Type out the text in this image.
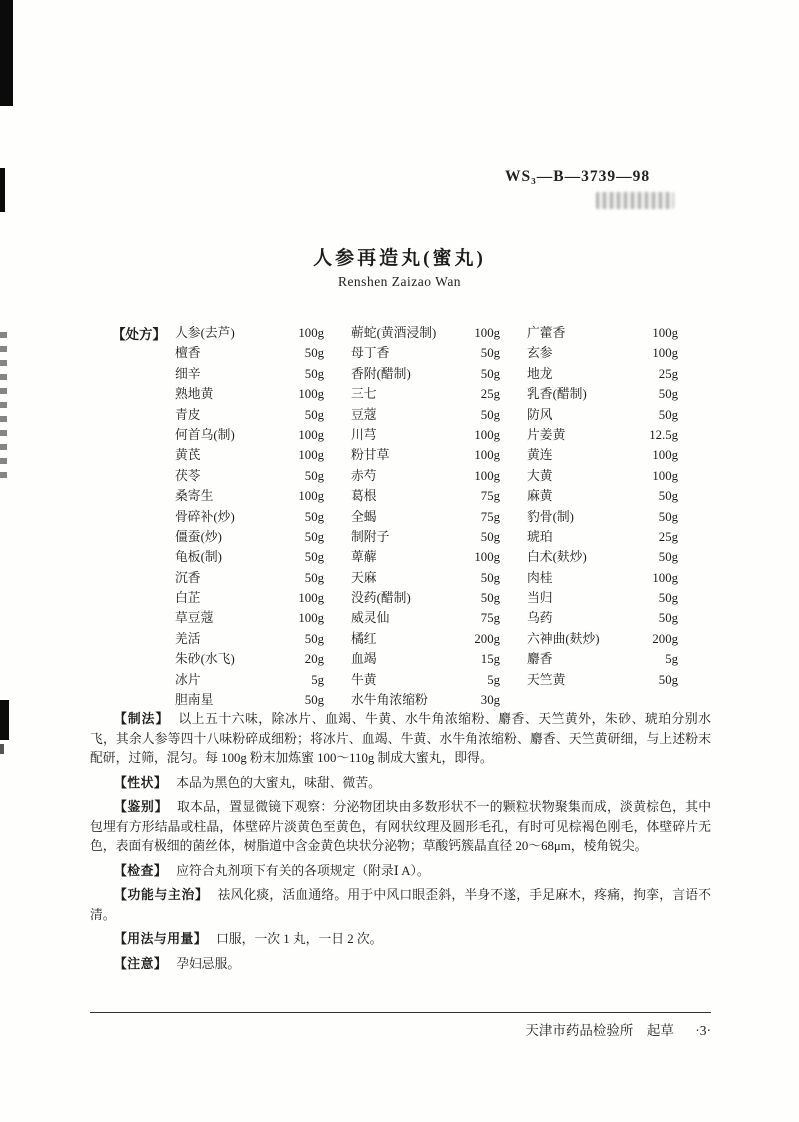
WS₃—B—3739—98
人参再造丸(蜜丸)
Renshen Zaizao Wan
【处方】 人参(去芦)	100g 蕲蛇(黄酒浸制)	100g 广藿香	100g
檀香	50g 母丁香	50g 玄参	100g
细辛	50g 香附(醋制)	50g 地龙	25g
熟地黄	100g 三七	25g 乳香(醋制)	50g
青皮	50g 豆蔻	50g 防风	50g
何首乌(制)	100g 川芎	100g 片姜黄	12.5g
黄芪	100g 粉甘草	100g 黄连	100g
茯苓	50g 赤芍	100g 大黄	100g
桑寄生	100g 葛根	75g 麻黄	50g
骨碎补(炒)	50g 全蝎	75g 豹骨(制)	50g
僵蚕(炒)	50g 制附子	50g 琥珀	25g
龟板(制)	50g 萆薢	100g 白术(麸炒)	50g
沉香	50g 天麻	50g 肉桂	100g
白芷	100g 没药(醋制)	50g 当归	50g
草豆蔻	100g 威灵仙	75g 乌药	50g
羌活	50g 橘红	200g 六神曲(麸炒)	200g
朱砂(水飞)	20g 血竭	15g 麝香	5g
冰片	5g 牛黄	5g 天竺黄	50g
胆南星	50g 水牛角浓缩粉	30g

【制法】 以上五十六味，除冰片、血竭、牛黄、水牛角浓缩粉、麝香、天竺黄外，朱砂、琥珀分别水飞，其余人参等四十八味粉碎成细粉；将冰片、血竭、牛黄、水牛角浓缩粉、麝香、天竺黄研细，与上述粉末配研，过筛，混匀。每 100g 粉末加炼蜜 100～110g 制成大蜜丸，即得。

【性状】 本品为黑色的大蜜丸，味甜、微苦。

【鉴别】 取本品，置显微镜下观察：分泌物团块由多数形状不一的颗粒状物聚集而成，淡黄棕色，其中包埋有方形结晶或柱晶，体壁碎片淡黄色至黄色，有网状纹理及圆形毛孔，有时可见棕褐色刚毛，体壁碎片无色，表面有极细的菌丝体，树脂道中含金黄色块状分泌物；草酸钙簇晶直径 20～68μm，棱角锐尖。

【检查】 应符合丸剂项下有关的各项规定（附录Ⅰ A）。

【功能与主治】 祛风化痰，活血通络。用于中风口眼歪斜，半身不遂，手足麻木，疼痛，拘挛，言语不清。

【用法与用量】 口服，一次 1 丸，一日 2 次。

【注意】 孕妇忌服。

天津市药品检验所　起草 ·3·
